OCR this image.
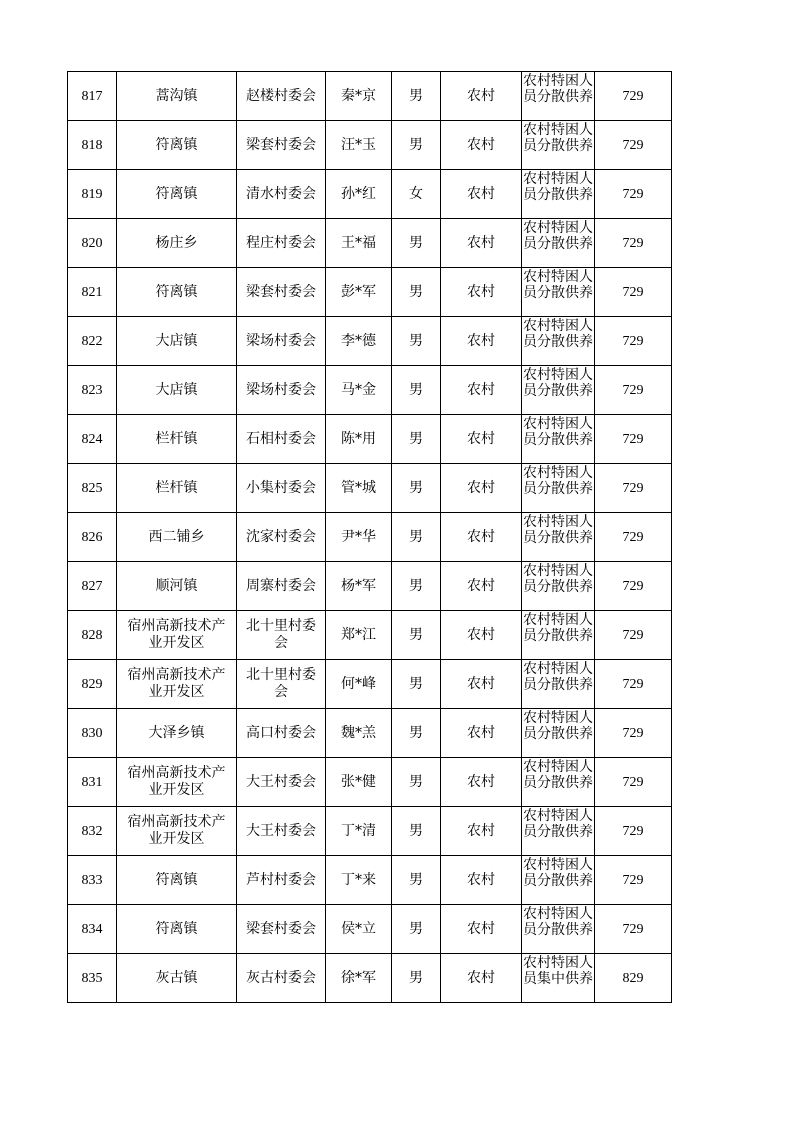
817	蒿沟镇	赵楼村委会	秦*京	男	农村	农村特困人员分散供养	729
818	符离镇	梁套村委会	汪*玉	男	农村	农村特困人员分散供养	729
819	符离镇	清水村委会	孙*红	女	农村	农村特困人员分散供养	729
820	杨庄乡	程庄村委会	王*福	男	农村	农村特困人员分散供养	729
821	符离镇	梁套村委会	彭*军	男	农村	农村特困人员分散供养	729
822	大店镇	梁场村委会	李*德	男	农村	农村特困人员分散供养	729
823	大店镇	梁场村委会	马*金	男	农村	农村特困人员分散供养	729
824	栏杆镇	石相村委会	陈*用	男	农村	农村特困人员分散供养	729
825	栏杆镇	小集村委会	管*城	男	农村	农村特困人员分散供养	729
826	西二铺乡	沈家村委会	尹*华	男	农村	农村特困人员分散供养	729
827	顺河镇	周寨村委会	杨*军	男	农村	农村特困人员分散供养	729
828	宿州高新技术产业开发区	北十里村委会	郑*江	男	农村	农村特困人员分散供养	729
829	宿州高新技术产业开发区	北十里村委会	何*峰	男	农村	农村特困人员分散供养	729
830	大泽乡镇	高口村委会	魏*羔	男	农村	农村特困人员分散供养	729
831	宿州高新技术产业开发区	大王村委会	张*健	男	农村	农村特困人员分散供养	729
832	宿州高新技术产业开发区	大王村委会	丁*清	男	农村	农村特困人员分散供养	729
833	符离镇	芦村村委会	丁*来	男	农村	农村特困人员分散供养	729
834	符离镇	梁套村委会	侯*立	男	农村	农村特困人员分散供养	729
835	灰古镇	灰古村委会	徐*军	男	农村	农村特困人员集中供养	829
